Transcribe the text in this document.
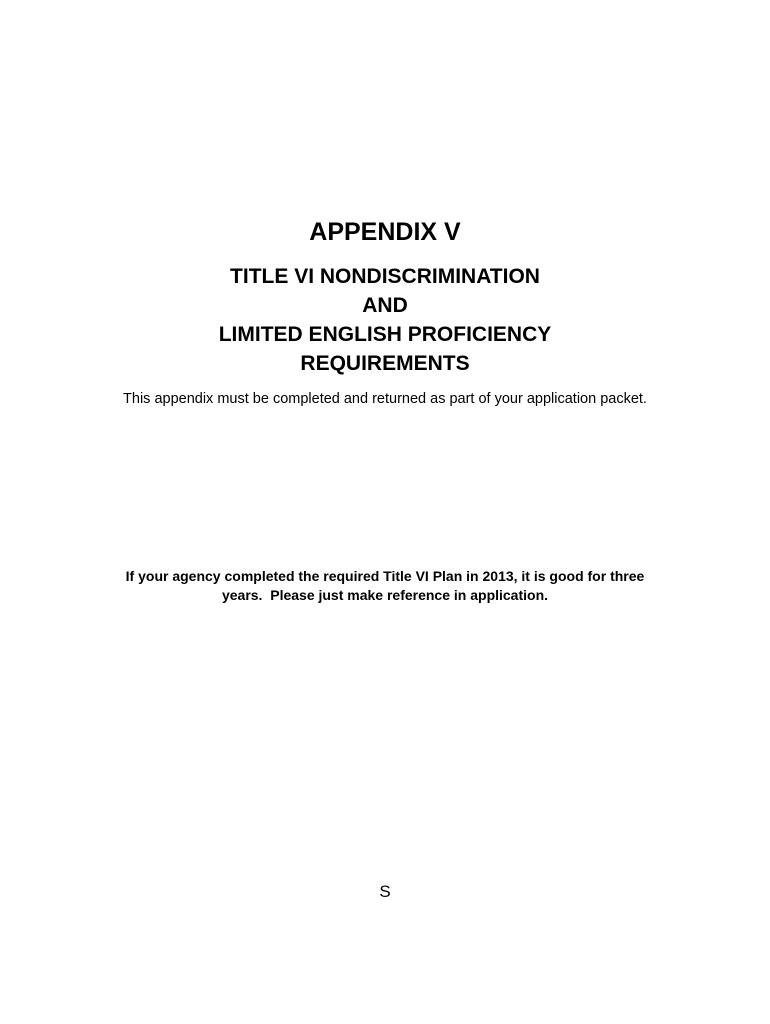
APPENDIX V
TITLE VI NONDISCRIMINATION
AND
LIMITED ENGLISH PROFICIENCY
REQUIREMENTS
This appendix must be completed and returned as part of your application packet.
If your agency completed the required Title VI Plan in 2013, it is good for three
years.  Please just make reference in application.
S
